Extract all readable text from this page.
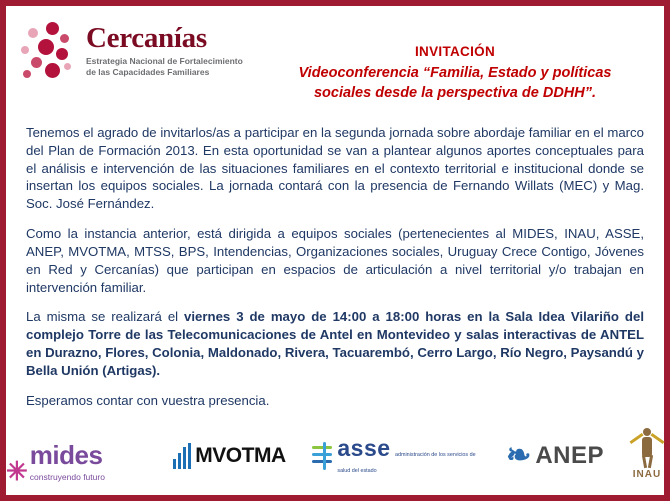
Cercanías
Estrategia Nacional de Fortalecimiento de las Capacidades Familiares
INVITACIÓN
Videoconferencia “Familia, Estado y políticas sociales desde la perspectiva de DDHH”.

Tenemos el agrado de invitarlos/as a participar en la segunda jornada sobre abordaje familiar en el marco del Plan de Formación 2013. En esta oportunidad se van a plantear algunos aportes conceptuales para el análisis e intervención de las situaciones familiares en el contexto territorial e institucional donde se insertan los equipos sociales. La jornada contará con la presencia de Fernando Willats (MEC) y Mag. Soc. José Fernández.

Como la instancia anterior, está dirigida a equipos sociales (pertenecientes al MIDES, INAU, ASSE, ANEP, MVOTMA, MTSS, BPS, Intendencias, Organizaciones sociales, Uruguay Crece Contigo, Jóvenes en Red y Cercanías) que participan en espacios de articulación a nivel territorial y/o trabajan en intervención familiar.

La misma se realizará el viernes 3 de mayo de 14:00 a 18:00 horas en la Sala Idea Vilariño del complejo Torre de las Telecomunicaciones de Antel en Montevideo y salas interactivas de ANTEL en Durazno, Flores, Colonia, Maldonado, Rivera, Tacuarembó, Cerro Largo, Río Negro, Paysandú y Bella Unión (Artigas).

Esperamos contar con vuestra presencia.

✳
mides construyendo futuro
MVOTMA asse administración de los servicios de salud del estado	❧ ANEP
INAU
